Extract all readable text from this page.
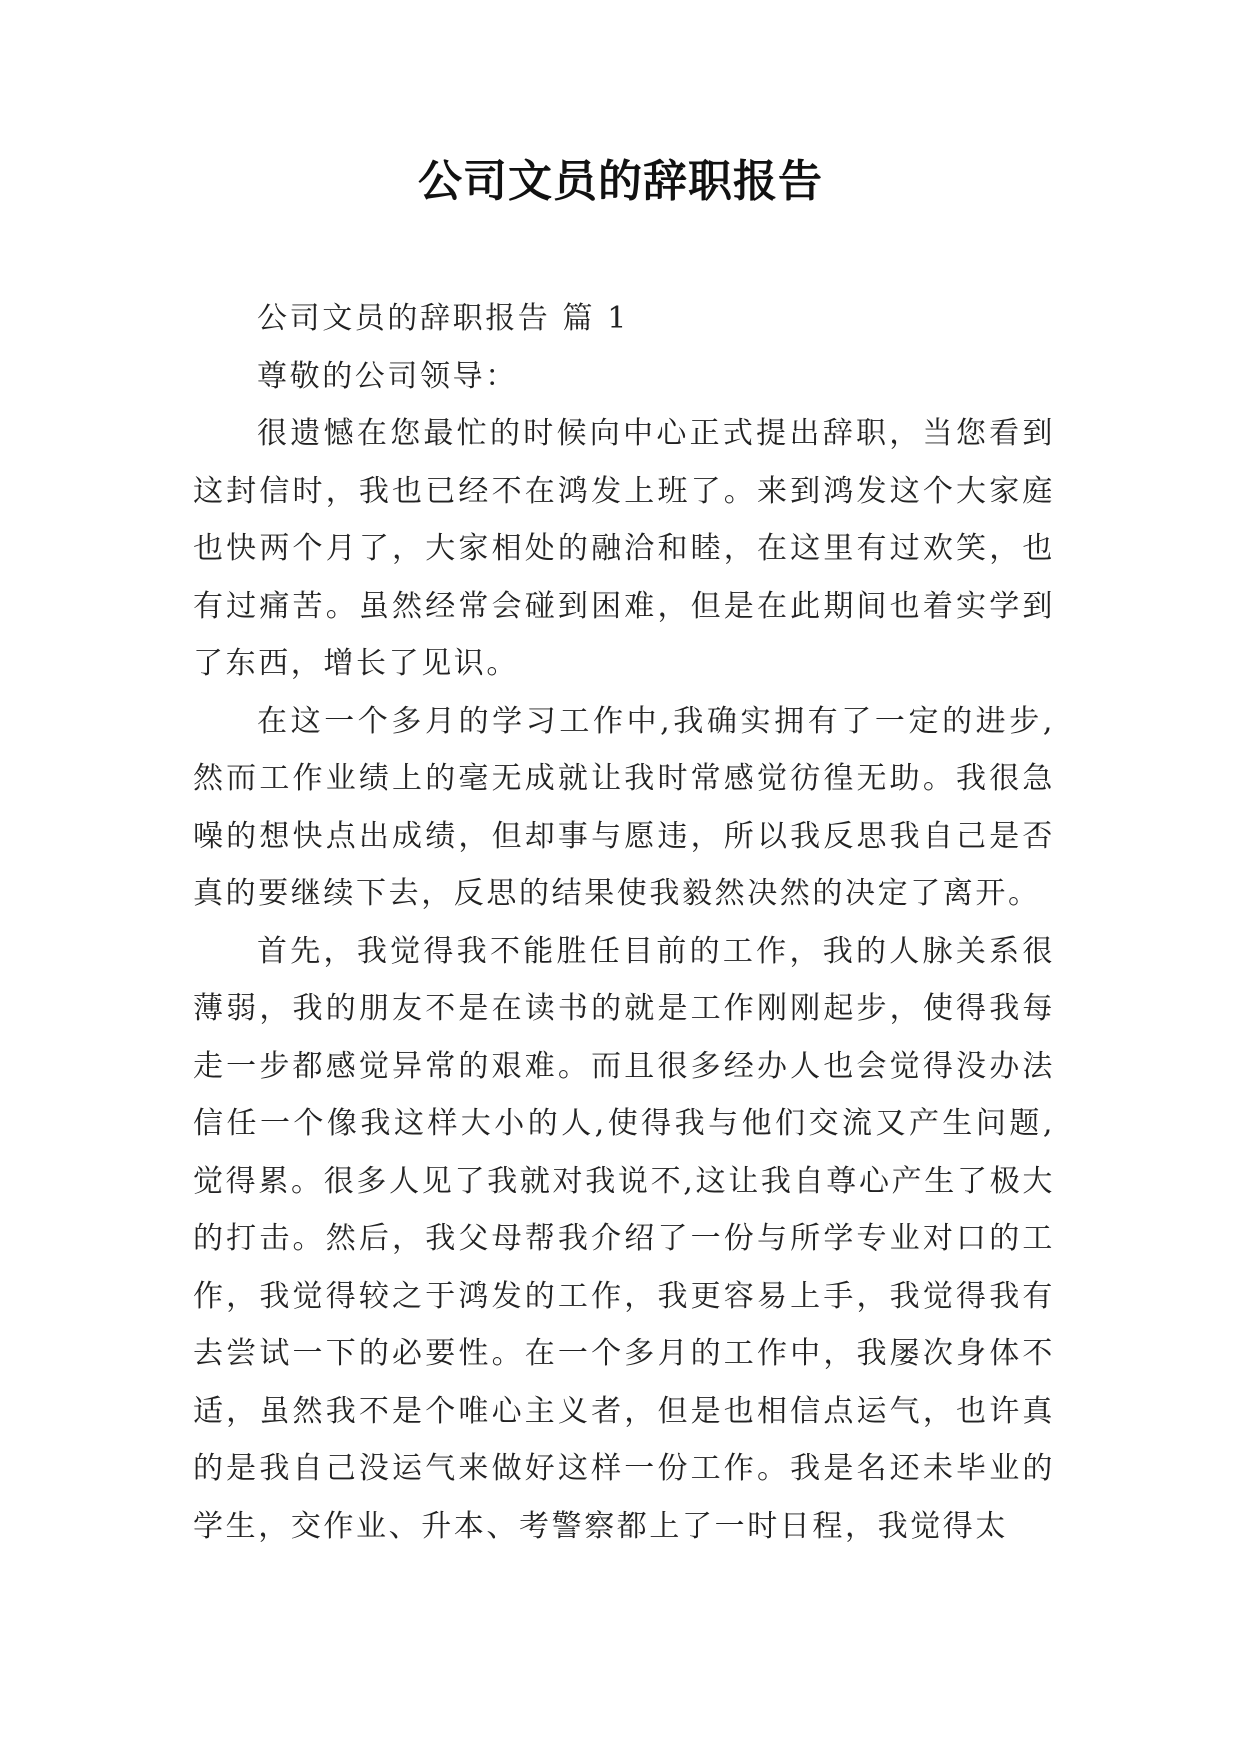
公司文员的辞职报告

公司文员的辞职报告 篇 1

尊敬的公司领导：

很遗憾在您最忙的时候向中心正式提出辞职，当您看到这封信时，我也已经不在鸿发上班了。来到鸿发这个大家庭也快两个月了，大家相处的融洽和睦，在这里有过欢笑，也有过痛苦。虽然经常会碰到困难，但是在此期间也着实学到了东西，增长了见识。

在这一个多月的学习工作中,我确实拥有了一定的进步,然而工作业绩上的毫无成就让我时常感觉彷徨无助。我很急噪的想快点出成绩，但却事与愿违，所以我反思我自己是否真的要继续下去，反思的结果使我毅然决然的决定了离开。

首先，我觉得我不能胜任目前的工作，我的人脉关系很薄弱，我的朋友不是在读书的就是工作刚刚起步，使得我每走一步都感觉异常的艰难。而且很多经办人也会觉得没办法信任一个像我这样大小的人,使得我与他们交流又产生问题,觉得累。很多人见了我就对我说不,这让我自尊心产生了极大的打击。然后，我父母帮我介绍了一份与所学专业对口的工作，我觉得较之于鸿发的工作，我更容易上手，我觉得我有去尝试一下的必要性。在一个多月的工作中，我屡次身体不适，虽然我不是个唯心主义者，但是也相信点运气，也许真的是我自己没运气来做好这样一份工作。我是名还未毕业的学生，交作业、升本、考警察都上了一时日程，我觉得太
